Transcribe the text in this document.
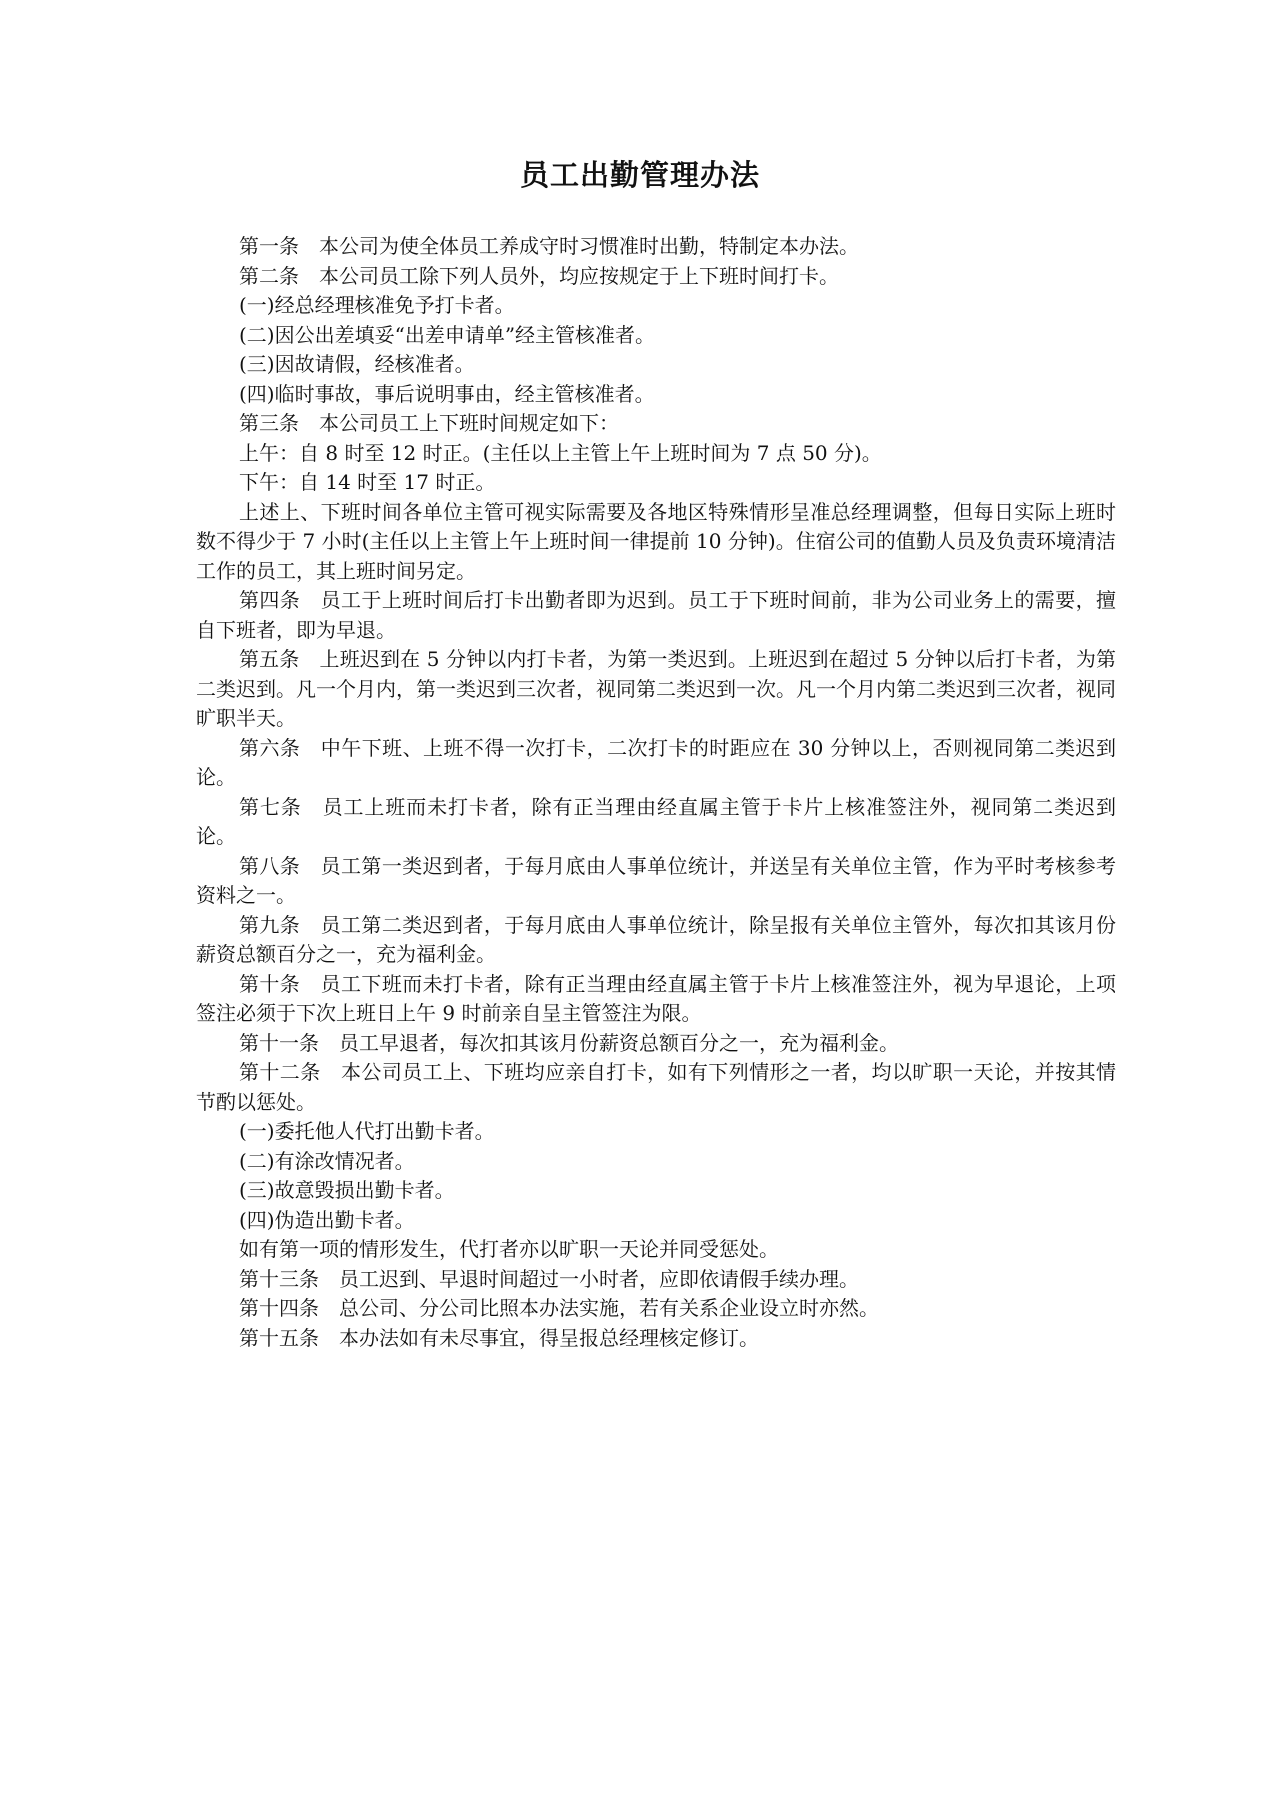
员工出勤管理办法

第一条　本公司为使全体员工养成守时习惯准时出勤，特制定本办法。

第二条　本公司员工除下列人员外，均应按规定于上下班时间打卡。

(一)经总经理核准免予打卡者。

(二)因公出差填妥“出差申请单”经主管核准者。

(三)因故请假，经核准者。

(四)临时事故，事后说明事由，经主管核准者。

第三条　本公司员工上下班时间规定如下：

上午：自 8 时至 12 时正。(主任以上主管上午上班时间为 7 点 50 分)。

下午：自 14 时至 17 时正。

上述上、下班时间各单位主管可视实际需要及各地区特殊情形呈准总经理调整，但每日实际上班时数不得少于 7 小时(主任以上主管上午上班时间一律提前 10 分钟)。住宿公司的值勤人员及负责环境清洁工作的员工，其上班时间另定。

第四条　员工于上班时间后打卡出勤者即为迟到。员工于下班时间前，非为公司业务上的需要，擅自下班者，即为早退。

第五条　上班迟到在 5 分钟以内打卡者，为第一类迟到。上班迟到在超过 5 分钟以后打卡者，为第二类迟到。凡一个月内，第一类迟到三次者，视同第二类迟到一次。凡一个月内第二类迟到三次者，视同旷职半天。

第六条　中午下班、上班不得一次打卡，二次打卡的时距应在 30 分钟以上，否则视同第二类迟到论。

第七条　员工上班而未打卡者，除有正当理由经直属主管于卡片上核准签注外，视同第二类迟到论。

第八条　员工第一类迟到者，于每月底由人事单位统计，并送呈有关单位主管，作为平时考核参考资料之一。

第九条　员工第二类迟到者，于每月底由人事单位统计，除呈报有关单位主管外，每次扣其该月份薪资总额百分之一，充为福利金。

第十条　员工下班而未打卡者，除有正当理由经直属主管于卡片上核准签注外，视为早退论，上项签注必须于下次上班日上午 9 时前亲自呈主管签注为限。

第十一条　员工早退者，每次扣其该月份薪资总额百分之一，充为福利金。

第十二条　本公司员工上、下班均应亲自打卡，如有下列情形之一者，均以旷职一天论，并按其情节酌以惩处。

(一)委托他人代打出勤卡者。

(二)有涂改情况者。

(三)故意毁损出勤卡者。

(四)伪造出勤卡者。

如有第一项的情形发生，代打者亦以旷职一天论并同受惩处。

第十三条　员工迟到、早退时间超过一小时者，应即依请假手续办理。

第十四条　总公司、分公司比照本办法实施，若有关系企业设立时亦然。

第十五条　本办法如有未尽事宜，得呈报总经理核定修订。
